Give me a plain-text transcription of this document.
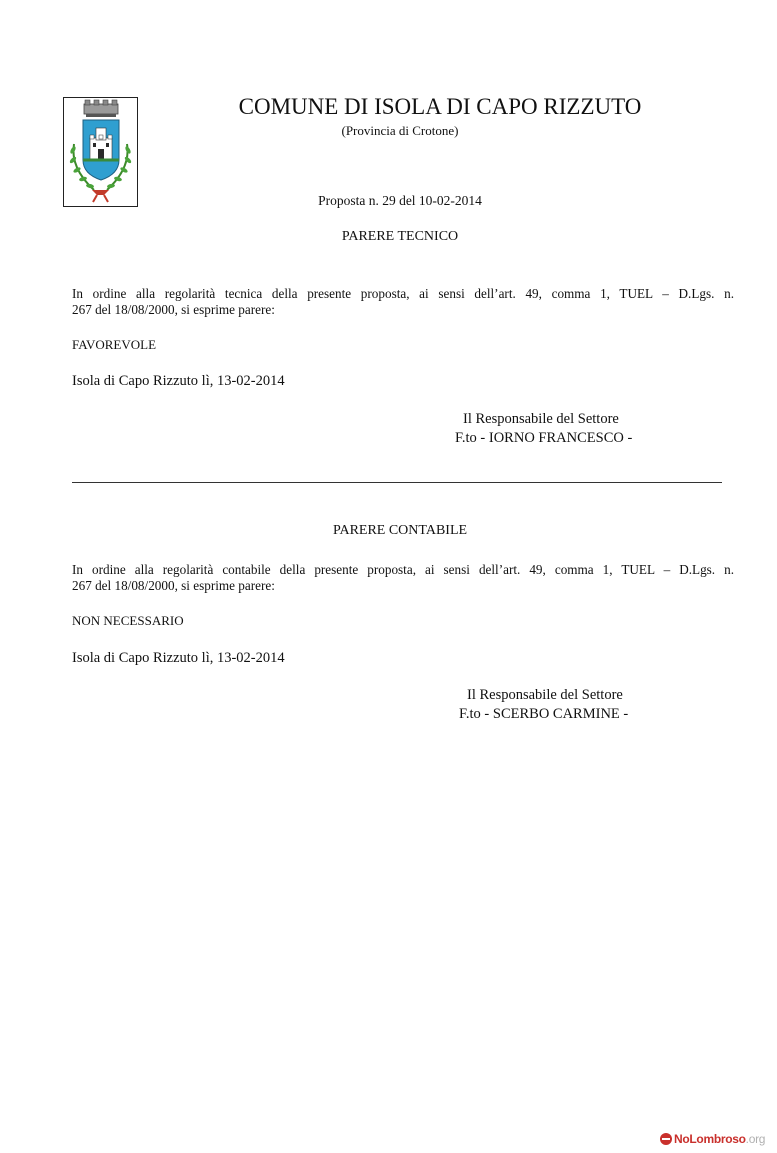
COMUNE DI ISOLA DI CAPO RIZZUTO
(Provincia di Crotone)
Proposta n. 29 del 10-02-2014
PARERE TECNICO
In ordine alla regolarità tecnica della presente proposta, ai sensi dell’art. 49, comma 1, TUEL – D.Lgs. n.
267 del 18/08/2000, si esprime parere:
FAVOREVOLE
Isola di Capo Rizzuto lì, 13-02-2014
Il Responsabile del Settore
F.to - IORNO FRANCESCO -
PARERE CONTABILE
In ordine alla regolarità contabile della presente proposta, ai sensi dell’art. 49, comma 1, TUEL – D.Lgs. n.
267 del 18/08/2000, si esprime parere:
NON NECESSARIO
Isola di Capo Rizzuto lì, 13-02-2014
Il Responsabile del Settore
F.to - SCERBO CARMINE -
NoLombroso.org
